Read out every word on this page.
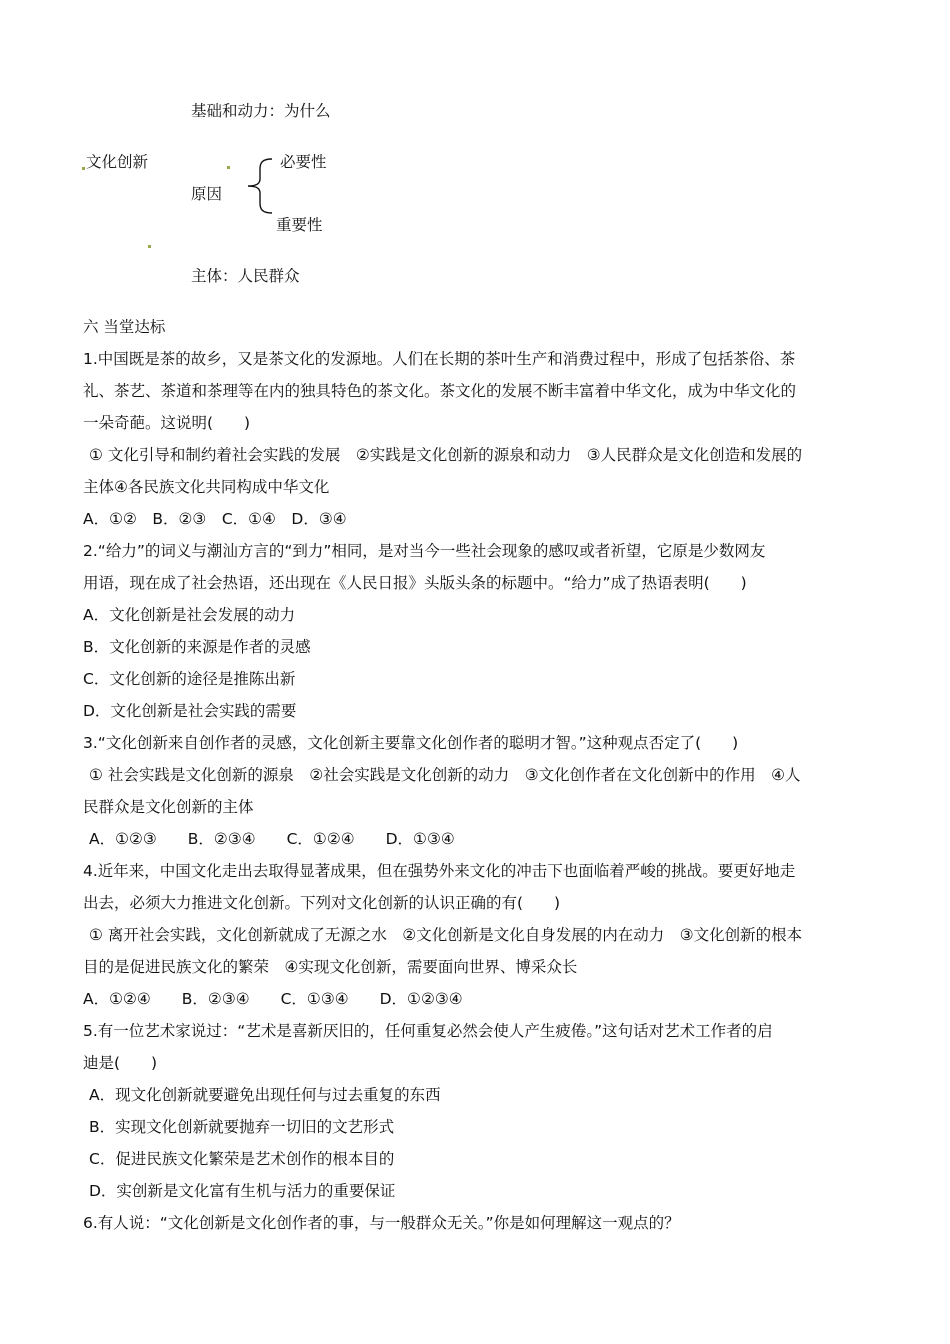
基础和动力：为什么
文化创新	必要性
原因
重要性
主体：人民群众
六 当堂达标
1.中国既是茶的故乡，又是茶文化的发源地。人们在长期的茶叶生产和消费过程中，形成了包括茶俗、茶
礼、茶艺、茶道和茶理等在内的独具特色的茶文化。茶文化的发展不断丰富着中华文化，成为中华文化的
一朵奇葩。这说明(　　)
① 文化引导和制约着社会实践的发展　②实践是文化创新的源泉和动力　③人民群众是文化创造和发展的
主体④各民族文化共同构成中华文化
A．①②　B．②③　C．①④　D．③④
2.“给力”的词义与潮汕方言的“到力”相同，是对当今一些社会现象的感叹或者祈望，它原是少数网友
用语，现在成了社会热语，还出现在《人民日报》头版头条的标题中。“给力”成了热语表明(　　)
A．文化创新是社会发展的动力
B．文化创新的来源是作者的灵感
C．文化创新的途径是推陈出新
D．文化创新是社会实践的需要
3.“文化创新来自创作者的灵感，文化创新主要靠文化创作者的聪明才智。”这种观点否定了(　　)
① 社会实践是文化创新的源泉　②社会实践是文化创新的动力　③文化创作者在文化创新中的作用　④人
民群众是文化创新的主体
A．①②③　　B．②③④　　C．①②④　　D．①③④
4.近年来，中国文化走出去取得显著成果，但在强势外来文化的冲击下也面临着严峻的挑战。要更好地走
出去，必须大力推进文化创新。下列对文化创新的认识正确的有(　　)
① 离开社会实践，文化创新就成了无源之水　②文化创新是文化自身发展的内在动力　③文化创新的根本
目的是促进民族文化的繁荣　④实现文化创新，需要面向世界、博采众长
A．①②④　　B．②③④　　C．①③④　　D．①②③④
5.有一位艺术家说过：“艺术是喜新厌旧的，任何重复必然会使人产生疲倦。”这句话对艺术工作者的启
迪是(　　)
A．现文化创新就要避免出现任何与过去重复的东西
B．实现文化创新就要抛弃一切旧的文艺形式
C．促进民族文化繁荣是艺术创作的根本目的
D．实创新是文化富有生机与活力的重要保证
6.有人说：“文化创新是文化创作者的事，与一般群众无关。”你是如何理解这一观点的？
